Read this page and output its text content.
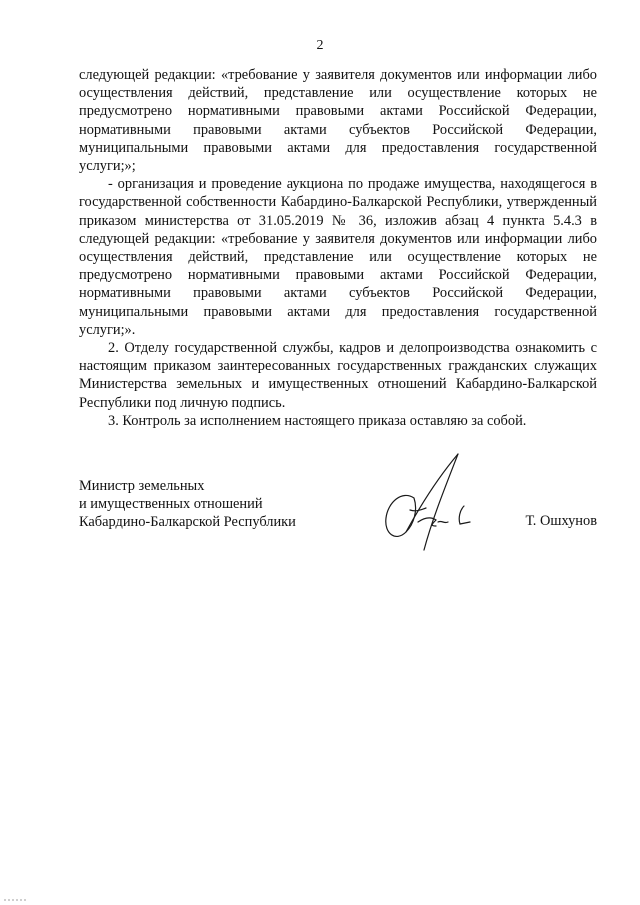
2

следующей редакции: «требование у заявителя документов или информации либо осуществления действий, представление или осуществление которых не предусмотрено нормативными правовыми актами Российской Федерации, нормативными правовыми актами субъектов Российской Федерации, муниципальными правовыми актами для предоставления государственной услуги;»;

- организация и проведение аукциона по продаже имущества, находящегося в государственной собственности Кабардино-Балкарской Республики, утвержденный приказом министерства от 31.05.2019 № 36, изложив абзац 4 пункта 5.4.3 в следующей редакции: «требование у заявителя документов или информации либо осуществления действий, представление или осуществление которых не предусмотрено нормативными правовыми актами Российской Федерации, нормативными правовыми актами субъектов Российской Федерации, муниципальными правовыми актами для предоставления государственной услуги;».

2. Отделу государственной службы, кадров и делопроизводства ознакомить с настоящим приказом заинтересованных государственных гражданских служащих Министерства земельных и имущественных отношений Кабардино-Балкарской Республики под личную подпись.

3. Контроль за исполнением настоящего приказа оставляю за собой.

Министр земельных
и имущественных отношений
Кабардино-Балкарской Республики	Т. Ошхунов
